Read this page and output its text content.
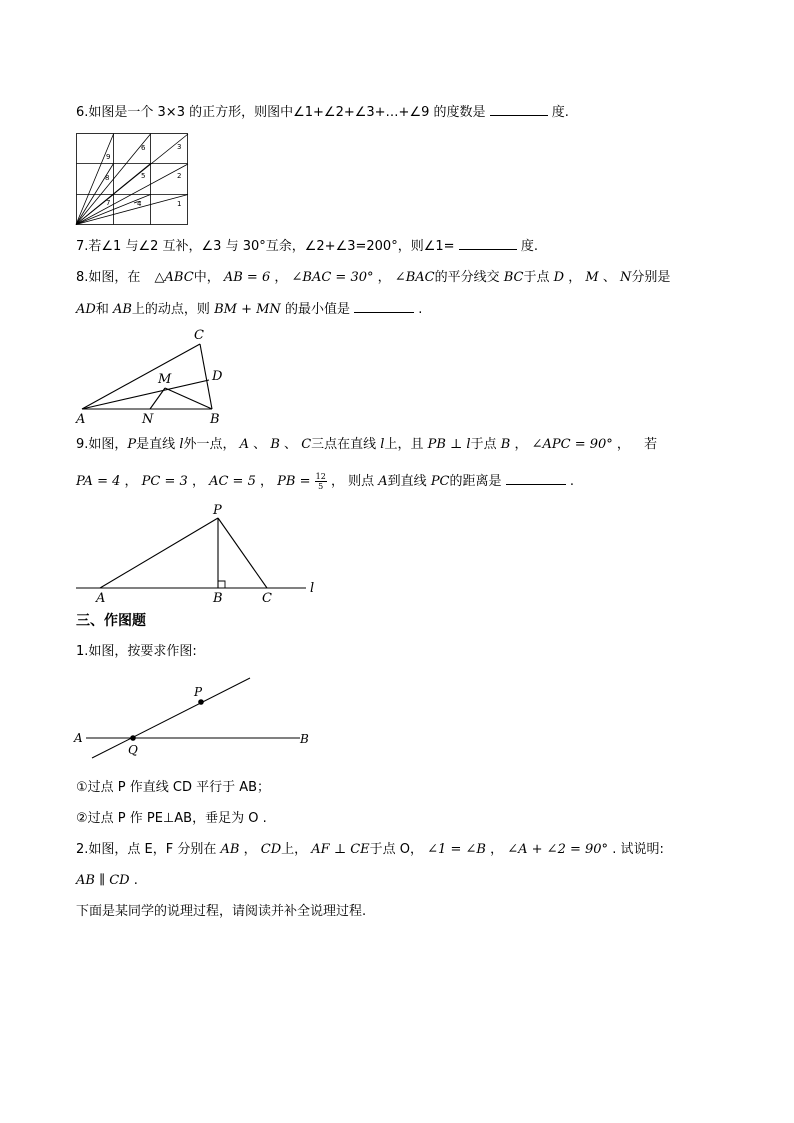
6.如图是一个 3×3 的正方形，则图中∠1+∠2+∠3+…+∠9 的度数是	度.
1
2
3
4
5
6
7
8
9
7.若∠1 与∠2 互补，∠3 与 30°互余，∠2+∠3=200°，则∠1=	度.
8.如图，在 △ABC中， AB = 6 ， ∠BAC = 30° ， ∠BAC的平分线交 BC于点 D ， M 、 N分别是
AD和 AB上的动点，则 BM + MN 的最小值是	.
A	B
C
D
M
N
9.如图，P是直线 l外一点， A 、 B 、 C三点在直线 l上，且 PB ⊥ l于点 B ， ∠APC = 90° ， 若
PA = 4 ， PC = 3 ， AC = 5 ， PB = $\frac{12}{5}$ ， 则点 A到直线 PC的距离是	.
P
A	B	C
l
三、作图题
1.如图，按要求作图:
A	B
P
Q
①过点 P 作直线 CD 平行于 AB；
②过点 P 作 PE⊥AB，垂足为 O .
2.如图，点 E，F 分别在 AB ， CD上， AF ⊥ CE于点 O， ∠1 = ∠B ， ∠A + ∠2 = 90° . 试说明:
AB ∥ CD .
下面是某同学的说理过程，请阅读并补全说理过程.
